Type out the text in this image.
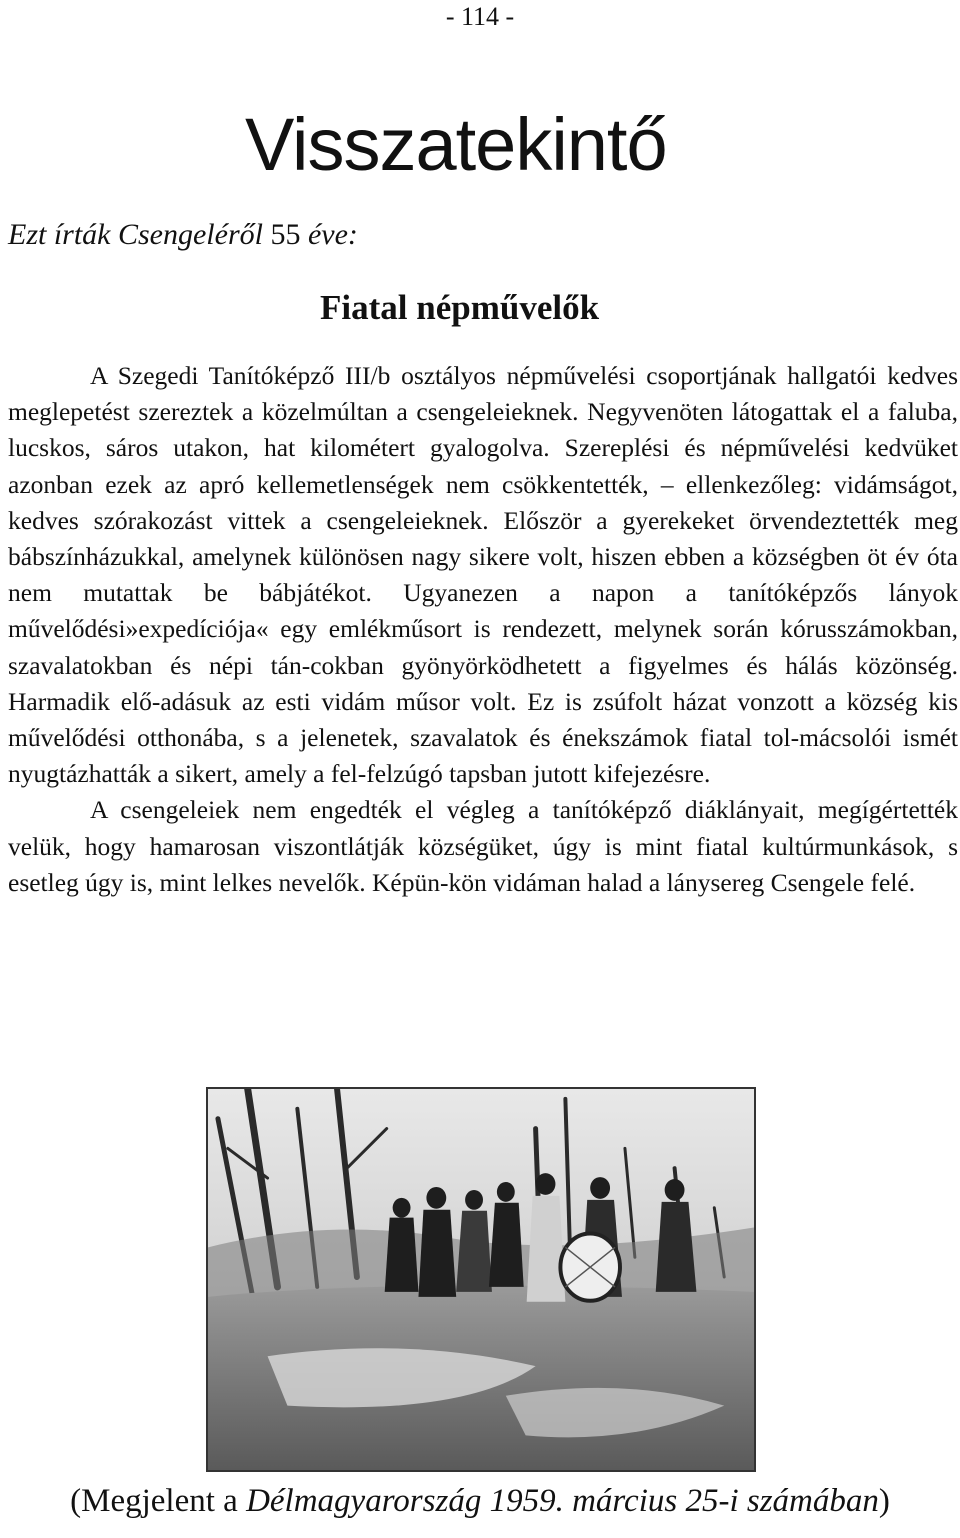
- 114 -
Visszatekintő
Ezt írták Csengeléről 55 éve:
Fiatal népművelők

A Szegedi Tanítóképző III/b osztályos népművelési csoportjának hallgatói kedves meglepetést szereztek a közelmúltan a csengeleieknek. Negyvenöten látogattak el a faluba, lucskos, sáros utakon, hat kilométert gyalogolva. Szereplési és népművelési kedvüket azonban ezek az apró kellemetlenségek nem csökkentették, – ellenkezőleg: vidámságot, kedves szórakozást vittek a csengeleieknek. Először a gyerekeket örvendeztették meg bábszínházukkal, amelynek különösen nagy sikere volt, hiszen ebben a községben öt év óta nem mutattak be bábjátékot. Ugyanezen a napon a tanítóképzős lányok művelődési»expedíciója« egy emlékműsort is rendezett, melynek során kórusszámokban, szavalatokban és népi tán-cokban gyönyörködhetett a figyelmes és hálás közönség. Harmadik elő-adásuk az esti vidám műsor volt. Ez is zsúfolt házat vonzott a község kis művelődési otthonába, s a jelenetek, szavalatok és énekszámok fiatal tol-mácsolói ismét nyugtázhatták a sikert, amely a fel-felzúgó tapsban jutott kifejezésre.

A csengeleiek nem engedték el végleg a tanítóképző diáklányait, megígértették velük, hogy hamarosan viszontlátják községüket, úgy is mint fiatal kultúrmunkások, s esetleg úgy is, mint lelkes nevelők. Képün-kön vidáman halad a lánysereg Csengele felé.

(Megjelent a Délmagyarország 1959. március 25-i számában)
